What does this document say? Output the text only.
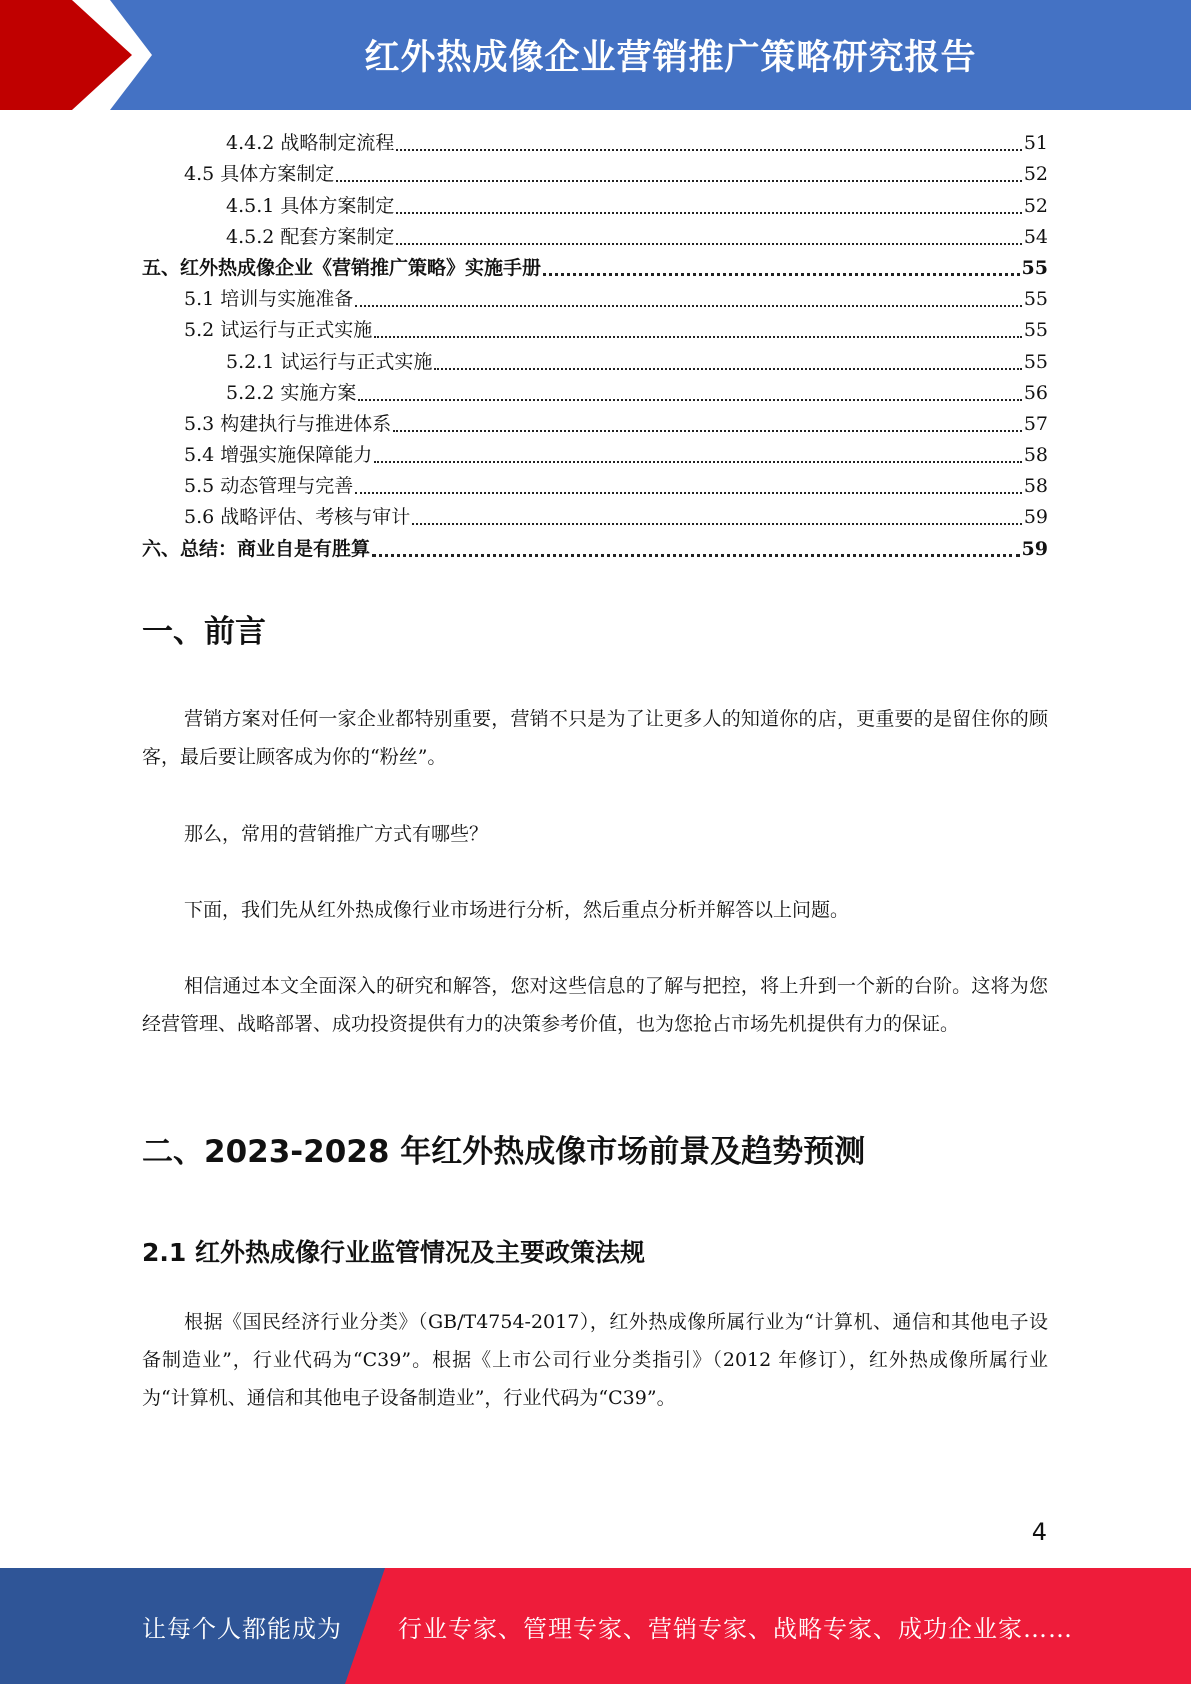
红外热成像企业营销推广策略研究报告
4.4.2 战略制定流程	51
4.5 具体方案制定	52
4.5.1 具体方案制定	52
4.5.2 配套方案制定	54
五、红外热成像企业《营销推广策略》实施手册	55
5.1 培训与实施准备	55
5.2 试运行与正式实施	55
5.2.1 试运行与正式实施	55
5.2.2 实施方案	56
5.3 构建执行与推进体系	57
5.4 增强实施保障能力	58
5.5 动态管理与完善	58
5.6 战略评估、考核与审计	59
六、总结：商业自是有胜算	59
一、前言
营销方案对任何一家企业都特别重要，营销不只是为了让更多人的知道你的店，更重要的是留住你的顾客，最后要让顾客成为你的“粉丝”。
那么，常用的营销推广方式有哪些？
下面，我们先从红外热成像行业市场进行分析，然后重点分析并解答以上问题。
相信通过本文全面深入的研究和解答，您对这些信息的了解与把控，将上升到一个新的台阶。这将为您经营管理、战略部署、成功投资提供有力的决策参考价值，也为您抢占市场先机提供有力的保证。
二、2023-2028 年红外热成像市场前景及趋势预测
2.1 红外热成像行业监管情况及主要政策法规
根据《国民经济行业分类》（GB/T4754-2017），红外热成像所属行业为“计算机、通信和其他电子设备制造业”，行业代码为“C39”。根据《上市公司行业分类指引》（2012 年修订），红外热成像所属行业为“计算机、通信和其他电子设备制造业”，行业代码为“C39”。
4
让每个人都能成为 行业专家、管理专家、营销专家、战略专家、成功企业家……
